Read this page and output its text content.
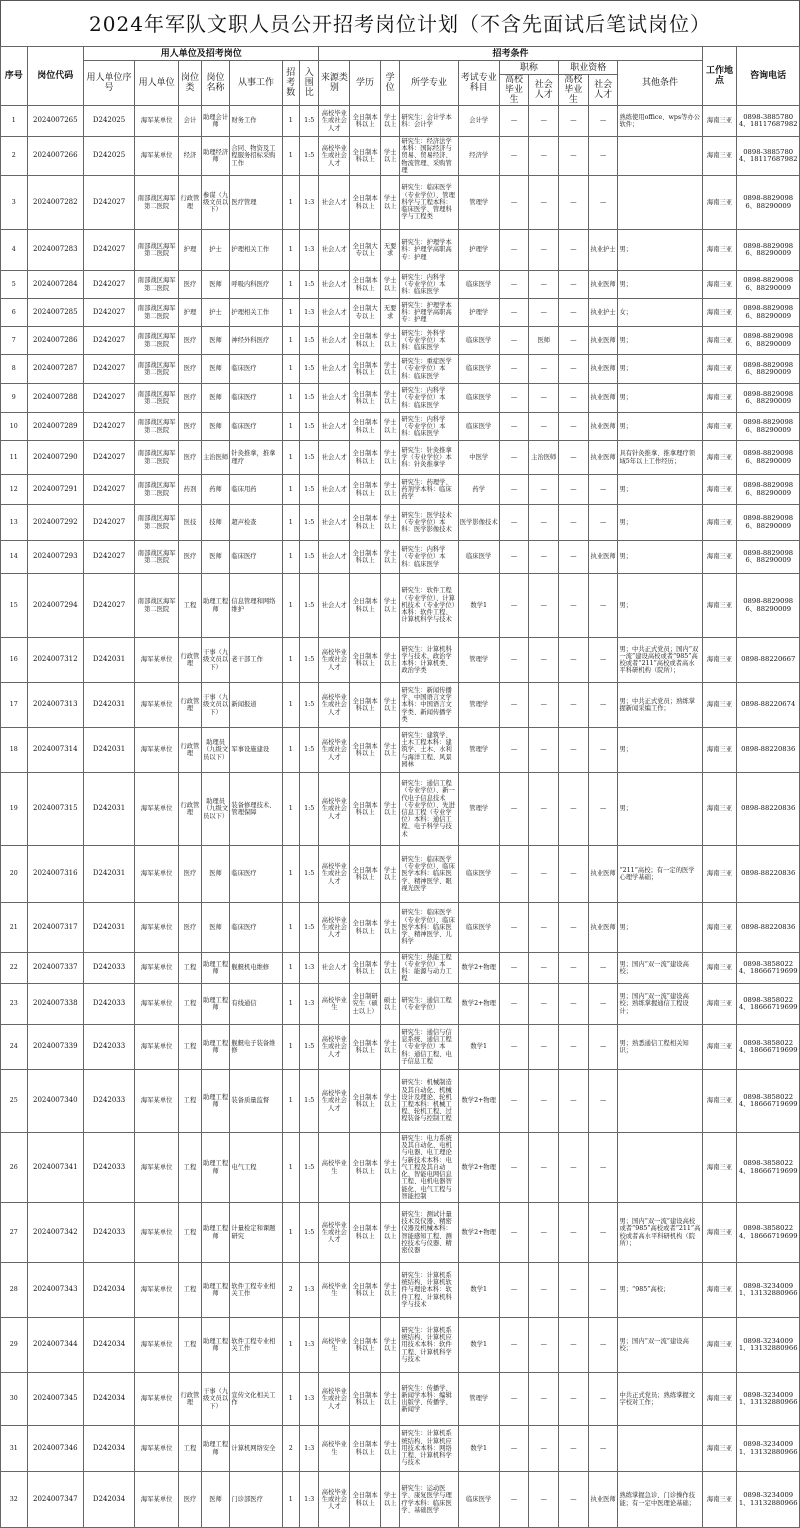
2024年军队文职人员公开招考岗位计划（不含先面试后笔试岗位）
序号	岗位代码	用人单位及招考岗位							招考条件										工作地点	咨询电话
		用人单位序号	用人单位	岗位类	岗位名称	从事工作	招考数	入围比	来源类别	学历	学位	所学专业	考试专业科目	职称		职业资格		其他条件		
														高校毕业生	社会人才	高校毕业生	社会人才			
1	2024007265	D242025	海军某单位	会计	助理会计师	财务工作	1	1:5	高校毕业生或社会人才	全日制本科以上	学士以上	研究生：会计学本科：会计学	会计学	—	—	—	—	熟练使用office、wps等办公软件；	海南三亚	0898-38857804、18117687982
2	2024007266	D242025	海军某单位	经济	助理经济师	合同、物资及工程服务招标采购工作	1	1:5	高校毕业生或社会人才	全日制本科以上	学士以上	研究生：经济法学本科：国际经济与贸易、贸易经济、物流管理、采购管理	经济学	—	—	—	—		海南三亚	0898-38857804、18117687982
3	2024007282	D242027	南部战区海军第二医院	行政管理	参谋（九级文员以下）	医疗管理	1	1:3	社会人才	全日制本科以上	学士以上	研究生：临床医学（专业学位）、管理科学与工程本科：临床医学、管理科学与工程类	管理学	—	—	—	—		海南三亚	0898-88290986、88290009
4	2024007283	D242027	南部战区海军第二医院	护理	护士	护理相关工作	1	1:3	社会人才	全日制大专以上	无要求	研究生：护理学本科：护理学高职高专：护理	护理学	—	—	—	执业护士	男；	海南三亚	0898-88290986、88290009
5	2024007284	D242027	南部战区海军第二医院	医疗	医师	呼吸内科医疗	1	1:5	社会人才	全日制本科以上	学士以上	研究生：内科学（专业学位）本科：临床医学	临床医学	—	—	—	执业医师	男；	海南三亚	0898-88290986、88290009
6	2024007285	D242027	南部战区海军第二医院	护理	护士	护理相关工作	1	1:3	社会人才	全日制大专以上	无要求	研究生：护理学本科：护理学高职高专：护理	护理学	—	—	—	执业护士	女；	海南三亚	0898-88290986、88290009
7	2024007286	D242027	南部战区海军第二医院	医疗	医师	神经外科医疗	1	1:5	社会人才	全日制本科以上	学士以上	研究生：外科学（专业学位）本科：临床医学	临床医学	—	医师	—	执业医师	男；	海南三亚	0898-88290986、88290009
8	2024007287	D242027	南部战区海军第二医院	医疗	医师	临床医疗	1	1:5	社会人才	全日制本科以上	学士以上	研究生：重症医学（专业学位）本科：临床医学	临床医学	—	—	—	执业医师	男；	海南三亚	0898-88290986、88290009
9	2024007288	D242027	南部战区海军第二医院	医疗	医师	临床医疗	1	1:5	社会人才	全日制本科以上	学士以上	研究生：内科学（专业学位）本科：临床医学	临床医学	—	—	—	执业医师	男；	海南三亚	0898-88290986、88290009
10	2024007289	D242027	南部战区海军第二医院	医疗	医师	临床医疗	1	1:5	社会人才	全日制本科以上	学士以上	研究生：内科学（专业学位）本科：临床医学	临床医学	—	—	—	执业医师	男；	海南三亚	0898-88290986、88290009
11	2024007290	D242027	南部战区海军第二医院	医疗	主治医师	针灸推拿，推拿理疗	1	1:5	社会人才	全日制本科以上	学士以上	研究生：针灸推拿学（专业学位）本科：针灸推拿学	中医学	—	主治医师	—	执业医师	具有针灸推拿、推拿理疗领域5年以上工作经历；	海南三亚	0898-88290986、88290009
12	2024007291	D242027	南部战区海军第二医院	药剂	药师	临床用药	1	1:5	社会人才	全日制本科以上	学士以上	研究生：药理学、药剂学本科：临床药学	药学	—	—	—	—	男；	海南三亚	0898-88290986、88290009
13	2024007292	D242027	南部战区海军第二医院	医技	技师	超声检查	1	1:5	社会人才	全日制本科以上	学士以上	研究生：医学技术（专业学位）本科：医学影像技术	医学影像技术	—	—	—	—	男；	海南三亚	0898-88290986、88290009
14	2024007293	D242027	南部战区海军第二医院	医疗	医师	临床医疗	1	1:5	社会人才	全日制本科以上	学士以上	研究生：内科学（专业学位）本科：临床医学	临床医学	—	—	—	执业医师	男；	海南三亚	0898-88290986、88290009
15	2024007294	D242027	南部战区海军第二医院	工程	助理工程师	信息管理和网络维护	1	1:5	社会人才	全日制本科以上	学士以上	研究生：软件工程（专业学位）、计算机技术（专业学位）本科：软件工程、计算机科学与技术	数学1	—	—	—	—	男；	海南三亚	0898-88290986、88290009
16	2024007312	D242031	海军某单位	行政管理	干事（九级文员以下）	老干部工作	1	1:5	高校毕业生或社会人才	全日制本科以上	学士以上	研究生：计算机科学与技术、政治学本科：计算机类、政治学类	管理学	—	—	—	—	男；中共正式党员；国内“双一流”建设高校或者“985”高校或者“211”高校或者高水平科研机构（院所）；	海南三亚	0898-88220667
17	2024007313	D242031	海军某单位	行政管理	干事（九级文员以下）	新闻报道	1	1:5	高校毕业生或社会人才	全日制本科以上	学士以上	研究生：新闻传播学、中国语言文学本科：中国语言文学类、新闻传播学类	管理学	—	—	—	—	男；中共正式党员；熟练掌握新闻采编工作；	海南三亚	0898-88220674
18	2024007314	D242031	海军某单位	行政管理	助理员（九级文员以下）	军事设施建设	1	1:5	高校毕业生或社会人才	全日制本科以上	学士以上	研究生：建筑学、土木工程本科：建筑学、土木、水利与海洋工程、风景园林	管理学	—	—	—	—	男；	海南三亚	0898-88220836
19	2024007315	D242031	海军某单位	行政管理	助理员（九级文员以下）	装备修理技术、管理保障	1	1:5	高校毕业生或社会人才	全日制本科以上	学士以上	研究生：通信工程（专业学位）、新一代电子信息技术（专业学位）、先进信息工程（专业学位）本科：通信工程、电子科学与技术	管理学	—	—	—	—	男；	海南三亚	0898-88220836
20	2024007316	D242031	海军某单位	医疗	医师	临床医疗	1	1:5	高校毕业生或社会人才	全日制本科以上	学士以上	研究生：临床医学（专业学位）、临床医学本科：临床医学、精神医学、眼视光医学	临床医学	—	—	—	执业医师	“211”高校；有一定的医学心理学基础；	海南三亚	0898-88220836
21	2024007317	D242031	海军某单位	医疗	医师	临床医疗	1	1:5	高校毕业生或社会人才	全日制本科以上	学士以上	研究生：临床医学（专业学位）、临床医学本科：临床医学、精神医学、儿科学	临床医学	—	—	—	执业医师	男；	海南三亚	0898-88220836
22	2024007337	D242033	海军某单位	工程	助理工程师	舰艇机电维修	1	1:3	社会人才	全日制本科以上	学士以上	研究生：热能工程（专业学位）本科：能源与动力工程	数学2+物理	—	—	—	—	男；国内“双一流”建设高校；	海南三亚	0898-38580224、18666719699
23	2024007338	D242033	海军某单位	工程	助理工程师	有线通信	1	1:3	高校毕业生	全日制研究生（硕士以上）	硕士以上	研究生：通信工程（专业学位）	数学2+物理	—	—	—	—	男；国内“双一流”建设高校；熟练掌握通信工程设计；	海南三亚	0898-38580224、18666719699
24	2024007339	D242033	海军某单位	工程	助理工程师	舰艇电子装备维修	1	1:5	高校毕业生或社会人才	全日制本科以上	学士以上	研究生：通信与信息系统、通信工程（专业学位）本科：通信工程、电子信息工程	数学1	—	—	—	—	男；熟悉通信工程相关知识；	海南三亚	0898-38580224、18666719699
25	2024007340	D242033	海军某单位	工程	助理工程师	装备质量监督	1	1:5	高校毕业生或社会人才	全日制本科以上	学士以上	研究生：机械制造及其自动化、机械设计及理论、轮机工程本科：机械工程、轮机工程、过程装备与控制工程	数学2+物理	—	—	—	—		海南三亚	0898-38580224、18666719699
26	2024007341	D242033	海军某单位	工程	助理工程师	电气工程	1	1:5	高校毕业生	全日制本科以上	学士以上	研究生：电力系统及其自动化、电机与电器、电工理论与新技术本科：电气工程及其自动化、智能电网信息工程、电机电器智能化、电气工程与智能控制	数学2+物理	—	—	—	—		海南三亚	0898-38580224、18666719699
27	2024007342	D242033	海军某单位	工程	助理工程师	计量检定和课题研究	1	1:5	高校毕业生或社会人才	全日制本科以上	学士以上	研究生：测试计量技术及仪器、精密仪器及机械本科：智能感知工程、测控技术与仪器、精密仪器	数学2+物理	—	—	—	—	男；国内“双一流”建设高校或者“985”高校或者“211”高校或者高水平科研机构（院所）；	海南三亚	0898-38580224、18666719699
28	2024007343	D242034	海军某单位	工程	助理工程师	软件工程专业相关工作	2	1:3	高校毕业生	全日制本科以上	学士以上	研究生：计算机系统结构、计算机软件与理论本科：软件工程、计算机科学与技术	数学1	—	—	—	—	男；“985”高校；	海南三亚	0898-32340091、13132880966
29	2024007344	D242034	海军某单位	工程	助理工程师	软件工程专业相关工作	1	1:3	高校毕业生	全日制本科以上	学士以上	研究生：计算机系统结构、计算机应用技术本科：软件工程、计算机科学与技术	数学1	—	—	—	—	男；国内“双一流”建设高校；	海南三亚	0898-32340091、13132880966
30	2024007345	D242034	海军某单位	行政管理	干事（九级文员以下）	宣传文化相关工作	1	1:3	高校毕业生或社会人才	全日制本科以上	学士以上	研究生：传播学、新闻学本科：编辑出版学、传播学、新闻学	管理学	—	—	—	—	中共正式党员；熟练掌握文字校对工作；	海南三亚	0898-32340091、13132880966
31	2024007346	D242034	海军某单位	工程	助理工程师	计算机网络安全	2	1:3	高校毕业生	全日制本科以上	学士以上	研究生：计算机系统结构、计算机应用技术本科：网络工程、计算机科学与技术	数学1	—	—	—	—		海南三亚	0898-32340091、13132880966
32	2024007347	D242034	海军某单位	医疗	医师	门诊部医疗	1	1:3	高校毕业生或社会人才	全日制本科以上	学士以上	研究生：运动医学、康复医学与理疗学本科：临床医学、基础医学	临床医学	—	—	—	执业医师	熟练掌握急诊、门诊操作技能；有一定中医理论基础；	海南三亚	0898-32340091、13132880966
